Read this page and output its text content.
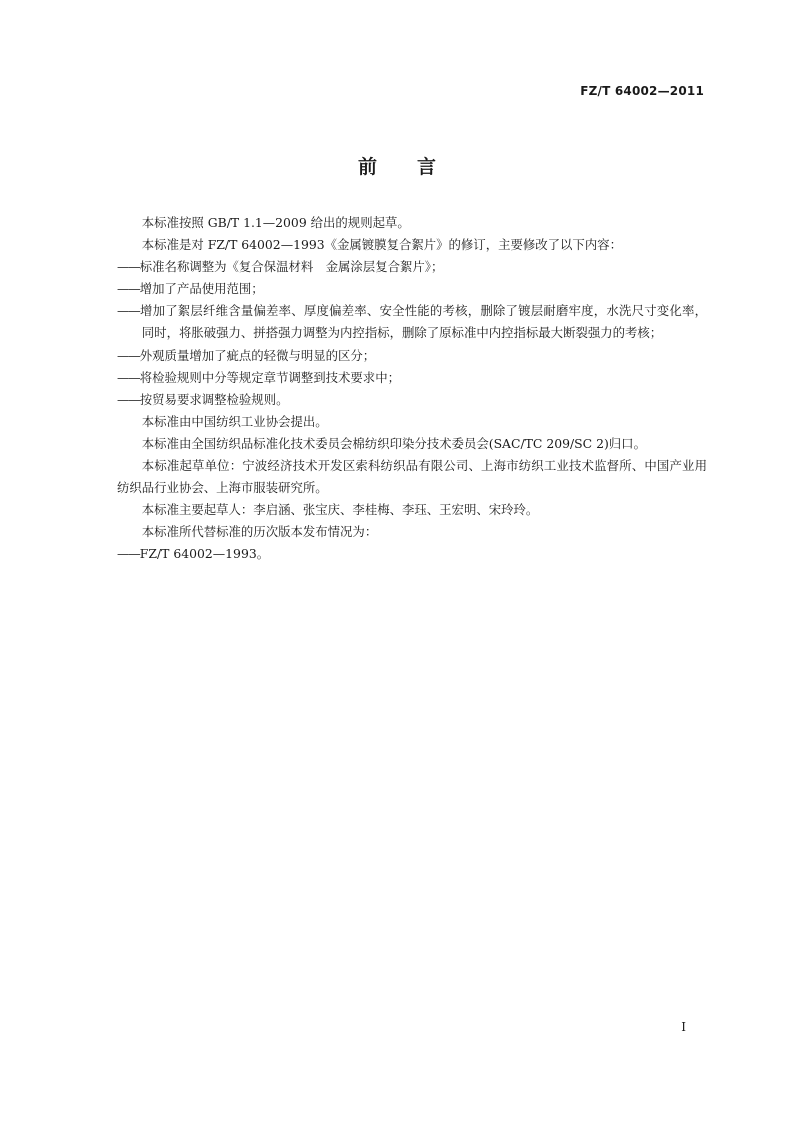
FZ/T 64002—2011
前言

本标准按照 GB/T 1.1—2009 给出的规则起草。

本标准是对 FZ/T 64002—1993《金属镀膜复合絮片》的修订，主要修改了以下内容：

——标准名称调整为《复合保温材料　金属涂层复合絮片》；

——增加了产品使用范围；

——增加了絮层纤维含量偏差率、厚度偏差率、安全性能的考核，删除了镀层耐磨牢度，水洗尺寸变化率，同时，将胀破强力、拼搭强力调整为内控指标，删除了原标准中内控指标最大断裂强力的考核；

——外观质量增加了疵点的轻微与明显的区分；

——将检验规则中分等规定章节调整到技术要求中；

——按贸易要求调整检验规则。

本标准由中国纺织工业协会提出。

本标准由全国纺织品标准化技术委员会棉纺织印染分技术委员会(SAC/TC 209/SC 2)归口。

本标准起草单位：宁波经济技术开发区索科纺织品有限公司、上海市纺织工业技术监督所、中国产业用纺织品行业协会、上海市服装研究所。

本标准主要起草人：李启涵、张宝庆、李桂梅、李珏、王宏明、宋玲玲。

本标准所代替标准的历次版本发布情况为：

——FZ/T 64002—1993。

I
